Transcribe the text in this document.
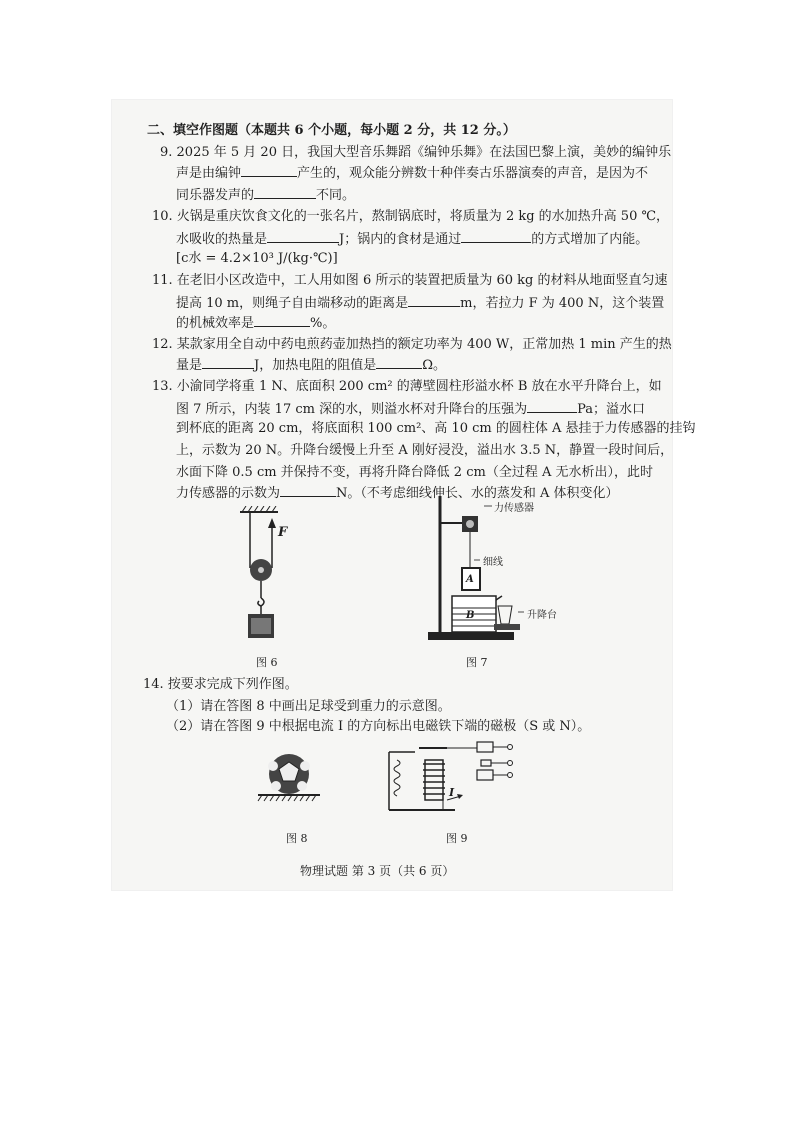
二、填空作图题（本题共 6 个小题，每小题 2 分，共 12 分。）
9. 2025 年 5 月 20 日，我国大型音乐舞蹈《编钟乐舞》在法国巴黎上演，美妙的编钟乐
声是由编钟	产生的，观众能分辨数十种伴奏古乐器演奏的声音，是因为不
同乐器发声的	不同。
10. 火锅是重庆饮食文化的一张名片，熬制锅底时，将质量为 2 kg 的水加热升高 50 ℃，
水吸收的热量是	J；锅内的食材是通过	的方式增加了内能。
[c水 = 4.2×10³ J/(kg·℃)]
11. 在老旧小区改造中，工人用如图 6 所示的装置把质量为 60 kg 的材料从地面竖直匀速
提高 10 m，则绳子自由端移动的距离是	m，若拉力 F 为 400 N，这个装置
的机械效率是	%。
12. 某款家用全自动中药电煎药壶加热挡的额定功率为 400 W，正常加热 1 min 产生的热
量是	J，加热电阻的阻值是	Ω。
13. 小渝同学将重 1 N、底面积 200 cm² 的薄壁圆柱形溢水杯 B 放在水平升降台上，如
图 7 所示，内装 17 cm 深的水，则溢水杯对升降台的压强为	Pa；溢水口
到杯底的距离 20 cm，将底面积 100 cm²、高 10 cm 的圆柱体 A 悬挂于力传感器的挂钩
上，示数为 20 N。升降台缓慢上升至 A 刚好浸没，溢出水 3.5 N，静置一段时间后，
水面下降 0.5 cm 并保持不变，再将升降台降低 2 cm（全过程 A 无水析出），此时
力传感器的示数为	N。（不考虑细线伸长、水的蒸发和 A 体积变化）
F
图 6
力传感器
细线
升降台
A
B
图 7
14. 按要求完成下列作图。
（1）请在答图 8 中画出足球受到重力的示意图。
（2）请在答图 9 中根据电流 I 的方向标出电磁铁下端的磁极（S 或 N）。
图 8
I
图 9
物理试题 第 3 页（共 6 页）
